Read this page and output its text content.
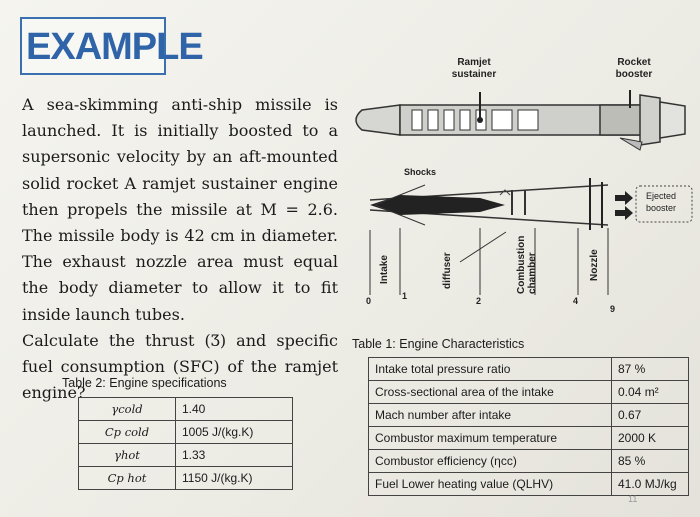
EXAMPLE

A sea-skimming anti-ship missile is launched. It is initially boosted to a supersonic velocity by an aft-mounted solid rocket A ramjet sustainer engine then propels the missile at M = 2.6. The missile body is 42 cm in diameter. The exhaust nozzle area must equal the body diameter to allow it to fit inside launch tubes.

Calculate the thrust (Ʒ) and specific fuel consumption (SFC) of the ramjet engine?

Ramjet sustainer
Rocket booster
Shocks
Ejected booster
Intake	diffuser	Combustion chamber	Nozzle
0	1	2	4
9
Table 2: Engine specifications
γcold	1.40
Cp cold	1005 J/(kg.K)
γhot	1.33
Cp hot	1150 J/(kg.K)
Table 1: Engine Characteristics
Intake total pressure ratio	87 %
Cross-sectional area of the intake	0.04 m²
Mach number after intake	0.67
Combustor maximum temperature	2000 K
Combustor efficiency (ηcc)	85 %
Fuel Lower heating value (QLHV)	41.0 MJ/kg
11
